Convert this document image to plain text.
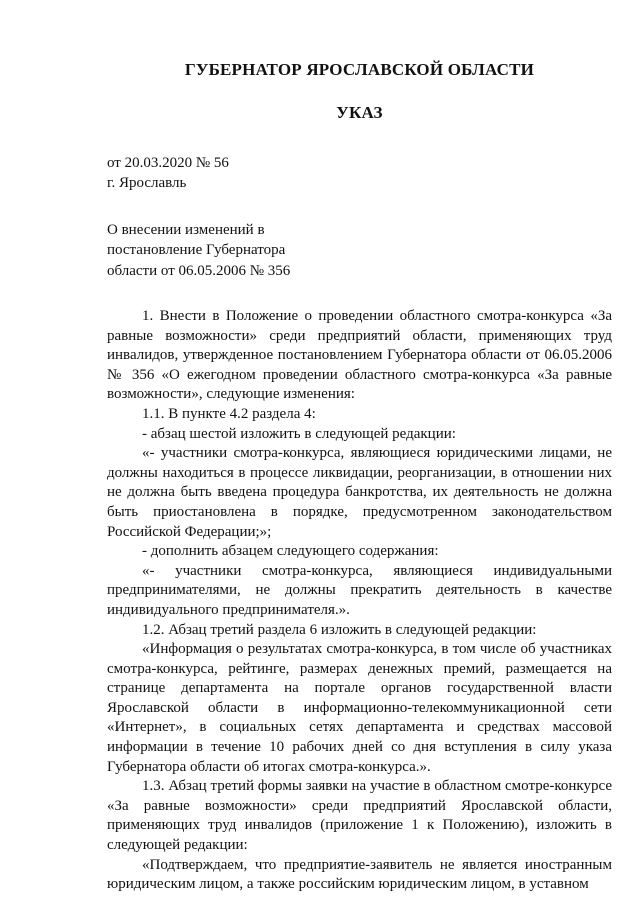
ГУБЕРНАТОР ЯРОСЛАВСКОЙ ОБЛАСТИ
УКАЗ
от 20.03.2020 № 56
г. Ярославль
О внесении изменений в
постановление Губернатора
области от 06.05.2006 № 356

1. Внести в Положение о проведении областного смотра-конкурса «За равные возможности» среди предприятий области, применяющих труд инвалидов, утвержденное постановлением Губернатора области от 06.05.2006 № 356 «О ежегодном проведении областного смотра-конкурса «За равные возможности», следующие изменения:

1.1. В пункте 4.2 раздела 4:

- абзац шестой изложить в следующей редакции:

«- участники смотра-конкурса, являющиеся юридическими лицами, не должны находиться в процессе ликвидации, реорганизации, в отношении них не должна быть введена процедура банкротства, их деятельность не должна быть приостановлена в порядке, предусмотренном законодательством Российской Федерации;»;

- дополнить абзацем следующего содержания:

«- участники смотра-конкурса, являющиеся индивидуальными предпринимателями, не должны прекратить деятельность в качестве индивидуального предпринимателя.».

1.2. Абзац третий раздела 6 изложить в следующей редакции:

«Информация о результатах смотра-конкурса, в том числе об участниках смотра-конкурса, рейтинге, размерах денежных премий, размещается на странице департамента на портале органов государственной власти Ярославской области в информационно-телекоммуникационной сети «Интернет», в социальных сетях департамента и средствах массовой информации в течение 10 рабочих дней со дня вступления в силу указа Губернатора области об итогах смотра-конкурса.».

1.3. Абзац третий формы заявки на участие в областном смотре-конкурсе «За равные возможности» среди предприятий Ярославской области, применяющих труд инвалидов (приложение 1 к Положению), изложить в следующей редакции:

«Подтверждаем, что предприятие-заявитель не является иностранным юридическим лицом, а также российским юридическим лицом, в уставном
